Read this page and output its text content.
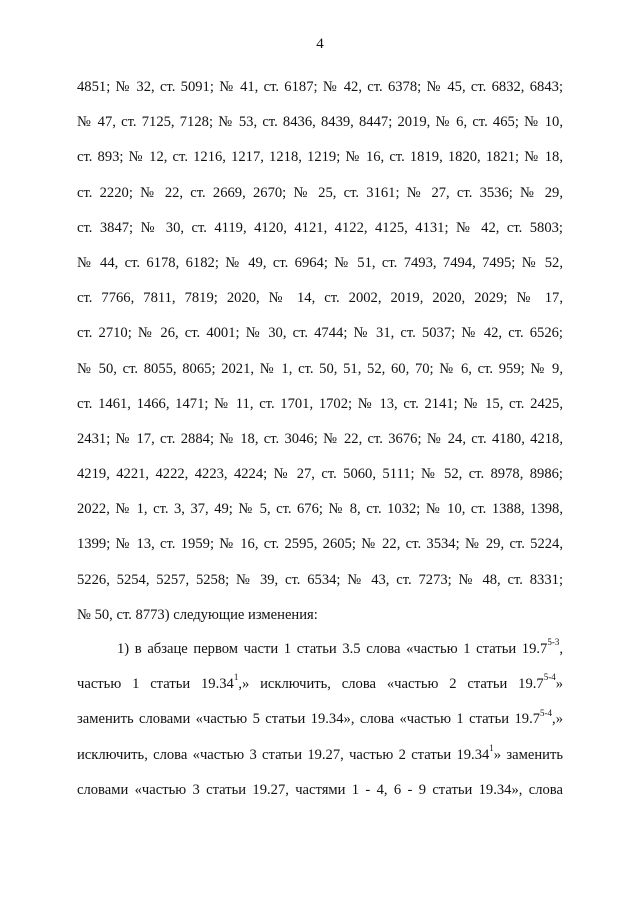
4
4851; № 32, ст. 5091; № 41, ст. 6187; № 42, ст. 6378; № 45, ст. 6832, 6843;
№ 47, ст. 7125, 7128; № 53, ст. 8436, 8439, 8447; 2019, № 6, ст. 465; № 10,
ст. 893; № 12, ст. 1216, 1217, 1218, 1219; № 16, ст. 1819, 1820, 1821; № 18,
ст. 2220; № 22, ст. 2669, 2670; № 25, ст. 3161; № 27, ст. 3536; № 29,
ст. 3847; № 30, ст. 4119, 4120, 4121, 4122, 4125, 4131; № 42, ст. 5803;
№ 44, ст. 6178, 6182; № 49, ст. 6964; № 51, ст. 7493, 7494, 7495; № 52,
ст. 7766, 7811, 7819; 2020, № 14, ст. 2002, 2019, 2020, 2029; № 17,
ст. 2710; № 26, ст. 4001; № 30, ст. 4744; № 31, ст. 5037; № 42, ст. 6526;
№ 50, ст. 8055, 8065; 2021, № 1, ст. 50, 51, 52, 60, 70; № 6, ст. 959; № 9,
ст. 1461, 1466, 1471; № 11, ст. 1701, 1702; № 13, ст. 2141; № 15, ст. 2425,
2431; № 17, ст. 2884; № 18, ст. 3046; № 22, ст. 3676; № 24, ст. 4180, 4218,
4219, 4221, 4222, 4223, 4224; № 27, ст. 5060, 5111; № 52, ст. 8978, 8986;
2022, № 1, ст. 3, 37, 49; № 5, ст. 676; № 8, ст. 1032; № 10, ст. 1388, 1398,
1399; № 13, ст. 1959; № 16, ст. 2595, 2605; № 22, ст. 3534; № 29, ст. 5224,
5226, 5254, 5257, 5258; № 39, ст. 6534; № 43, ст. 7273; № 48, ст. 8331;
№ 50, ст. 8773) следующие изменения:
1) в абзаце первом части 1 статьи 3.5 слова «частью 1 статьи 19.7$^{5-3}$,
частью 1 статьи 19.34$^1$,» исключить, слова «частью 2 статьи 19.7$^{5-4}$»
заменить словами «частью 5 статьи 19.34», слова «частью 1 статьи 19.7$^{5-4}$,»
исключить, слова «частью 3 статьи 19.27, частью 2 статьи 19.34$^1$» заменить
словами «частью 3 статьи 19.27, частями 1 - 4, 6 - 9 статьи 19.34», слова
